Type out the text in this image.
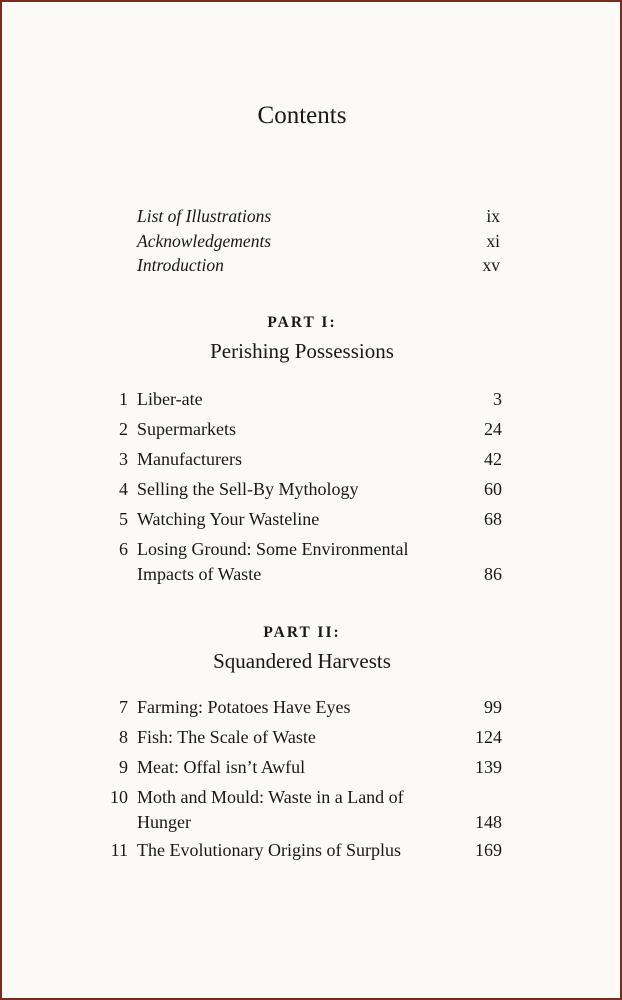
Contents
List of Illustrations	ix
Acknowledgements	xi
Introduction	xv
PART I:
Perishing Possessions
1 Liber-ate	3
2 Supermarkets	24
3 Manufacturers	42
4 Selling the Sell-By Mythology	60
5 Watching Your Wasteline	68
6 Losing Ground: Some Environmental Impacts of Waste	86
PART II:
Squandered Harvests
7 Farming: Potatoes Have Eyes	99
8 Fish: The Scale of Waste	124
9 Meat: Offal isn’t Awful	139
10 Moth and Mould: Waste in a Land of Hunger	148
11 The Evolutionary Origins of Surplus	169
